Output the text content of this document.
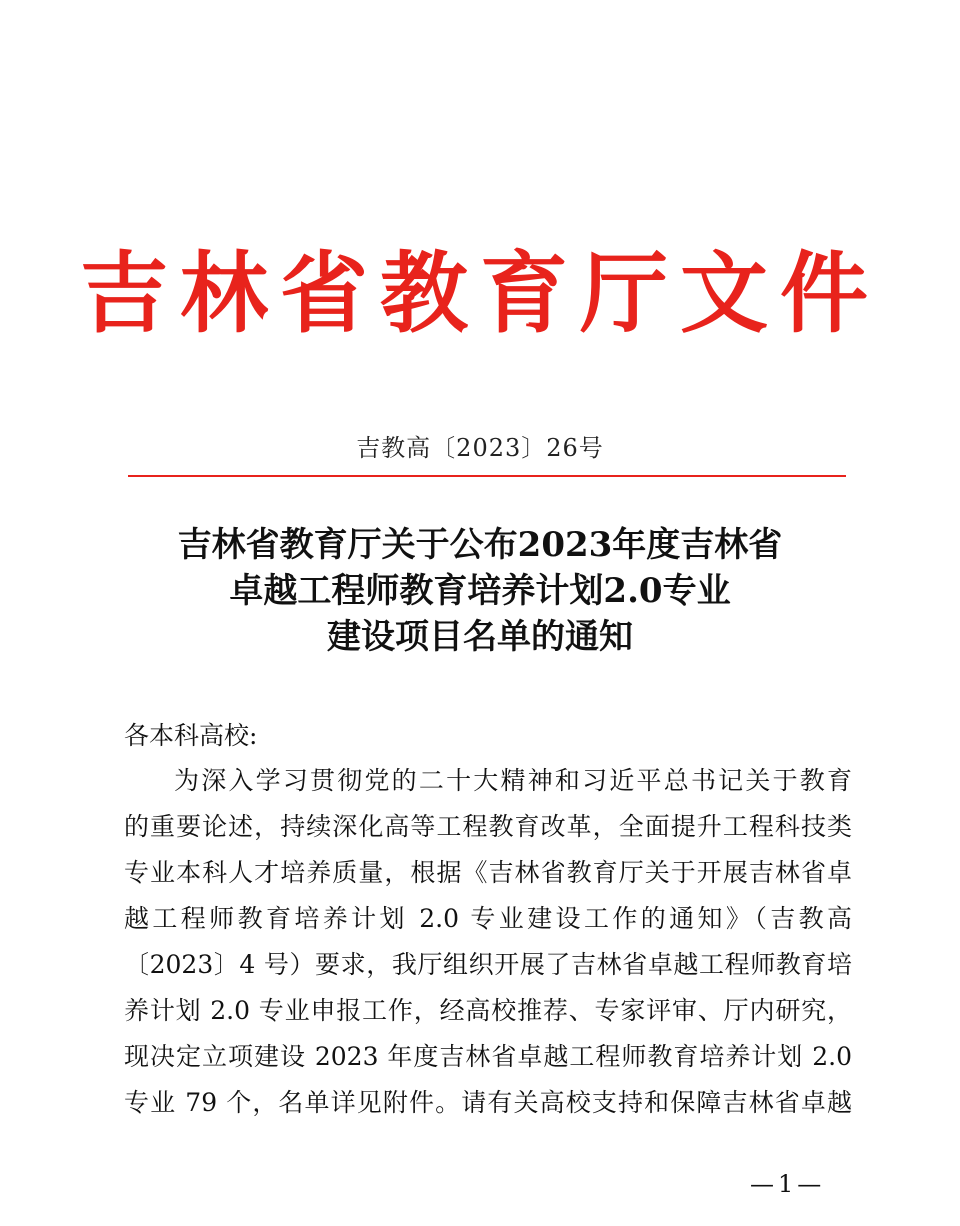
吉林省教育厅文件
吉教高〔2023〕26号
吉林省教育厅关于公布2023年度吉林省
卓越工程师教育培养计划2.0专业
建设项目名单的通知
各本科高校:
为深入学习贯彻党的二十大精神和习近平总书记关于教育
的重要论述，持续深化高等工程教育改革，全面提升工程科技类
专业本科人才培养质量，根据《吉林省教育厅关于开展吉林省卓
越工程师教育培养计划 2.0 专业建设工作的通知》（吉教高
〔2023〕4 号）要求，我厅组织开展了吉林省卓越工程师教育培
养计划 2.0 专业申报工作，经高校推荐、专家评审、厅内研究，
现决定立项建设 2023 年度吉林省卓越工程师教育培养计划 2.0
专业 79 个，名单详见附件。请有关高校支持和保障吉林省卓越
—1—
